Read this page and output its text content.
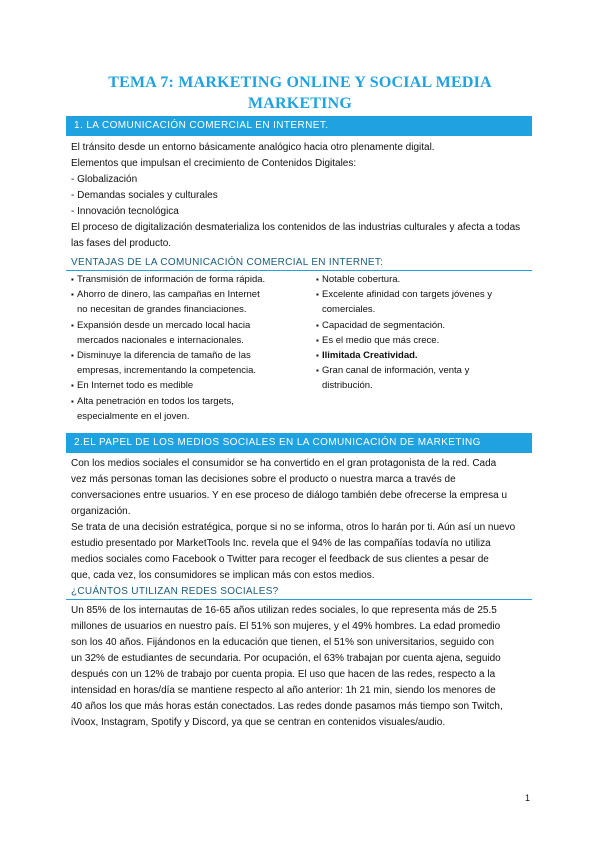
TEMA 7: MARKETING ONLINE Y SOCIAL MEDIA
MARKETING
1. LA COMUNICACIÓN COMERCIAL EN INTERNET.
El tránsito desde un entorno básicamente analógico hacia otro plenamente digital.
Elementos que impulsan el crecimiento de Contenidos Digitales:
- Globalización
- Demandas sociales y culturales
- Innovación tecnológica
El proceso de digitalización desmaterializa los contenidos de las industrias culturales y afecta a todas
las fases del producto.
VENTAJAS DE LA COMUNICACIÓN COMERCIAL EN INTERNET:
▪ Transmisión de información de forma rápida.
▪ Ahorro de dinero, las campañas en Internet
no necesitan de grandes financiaciones.
▪ Expansión desde un mercado local hacia
mercados nacionales e internacionales.
▪ Disminuye la diferencia de tamaño de las
empresas, incrementando la competencia.
▪ En Internet todo es medible
▪ Alta penetración en todos los targets,
especialmente en el joven.
▪ Notable cobertura.
▪ Excelente afinidad con targets jóvenes y
comerciales.
▪ Capacidad de segmentación.
▪ Es el medio que más crece.
▪ Ilimitada Creatividad.
▪ Gran canal de información, venta y
distribución.
2.EL PAPEL DE LOS MEDIOS SOCIALES EN LA COMUNICACIÓN DE MARKETING
Con los medios sociales el consumidor se ha convertido en el gran protagonista de la red. Cada
vez más personas toman las decisiones sobre el producto o nuestra marca a través de
conversaciones entre usuarios. Y en ese proceso de diálogo también debe ofrecerse la empresa u
organización.
Se trata de una decisión estratégica, porque si no se informa, otros lo harán por ti. Aún así un nuevo
estudio presentado por MarketTools Inc. revela que el 94% de las compañías todavía no utiliza
medios sociales como Facebook o Twitter para recoger el feedback de sus clientes a pesar de
que, cada vez, los consumidores se implican más con estos medios.
¿CUÁNTOS UTILIZAN REDES SOCIALES?
Un 85% de los internautas de 16-65 años utilizan redes sociales, lo que representa más de 25.5
millones de usuarios en nuestro país. El 51% son mujeres, y el 49% hombres. La edad promedio
son los 40 años. Fijándonos en la educación que tienen, el 51% son universitarios, seguido con
un 32% de estudiantes de secundaria. Por ocupación, el 63% trabajan por cuenta ajena, seguido
después con un 12% de trabajo por cuenta propia. El uso que hacen de las redes, respecto a la
intensidad en horas/día se mantiene respecto al año anterior: 1h 21 min, siendo los menores de
40 años los que más horas están conectados. Las redes donde pasamos más tiempo son Twitch,
iVoox, Instagram, Spotify y Discord, ya que se centran en contenidos visuales/audio.
1
